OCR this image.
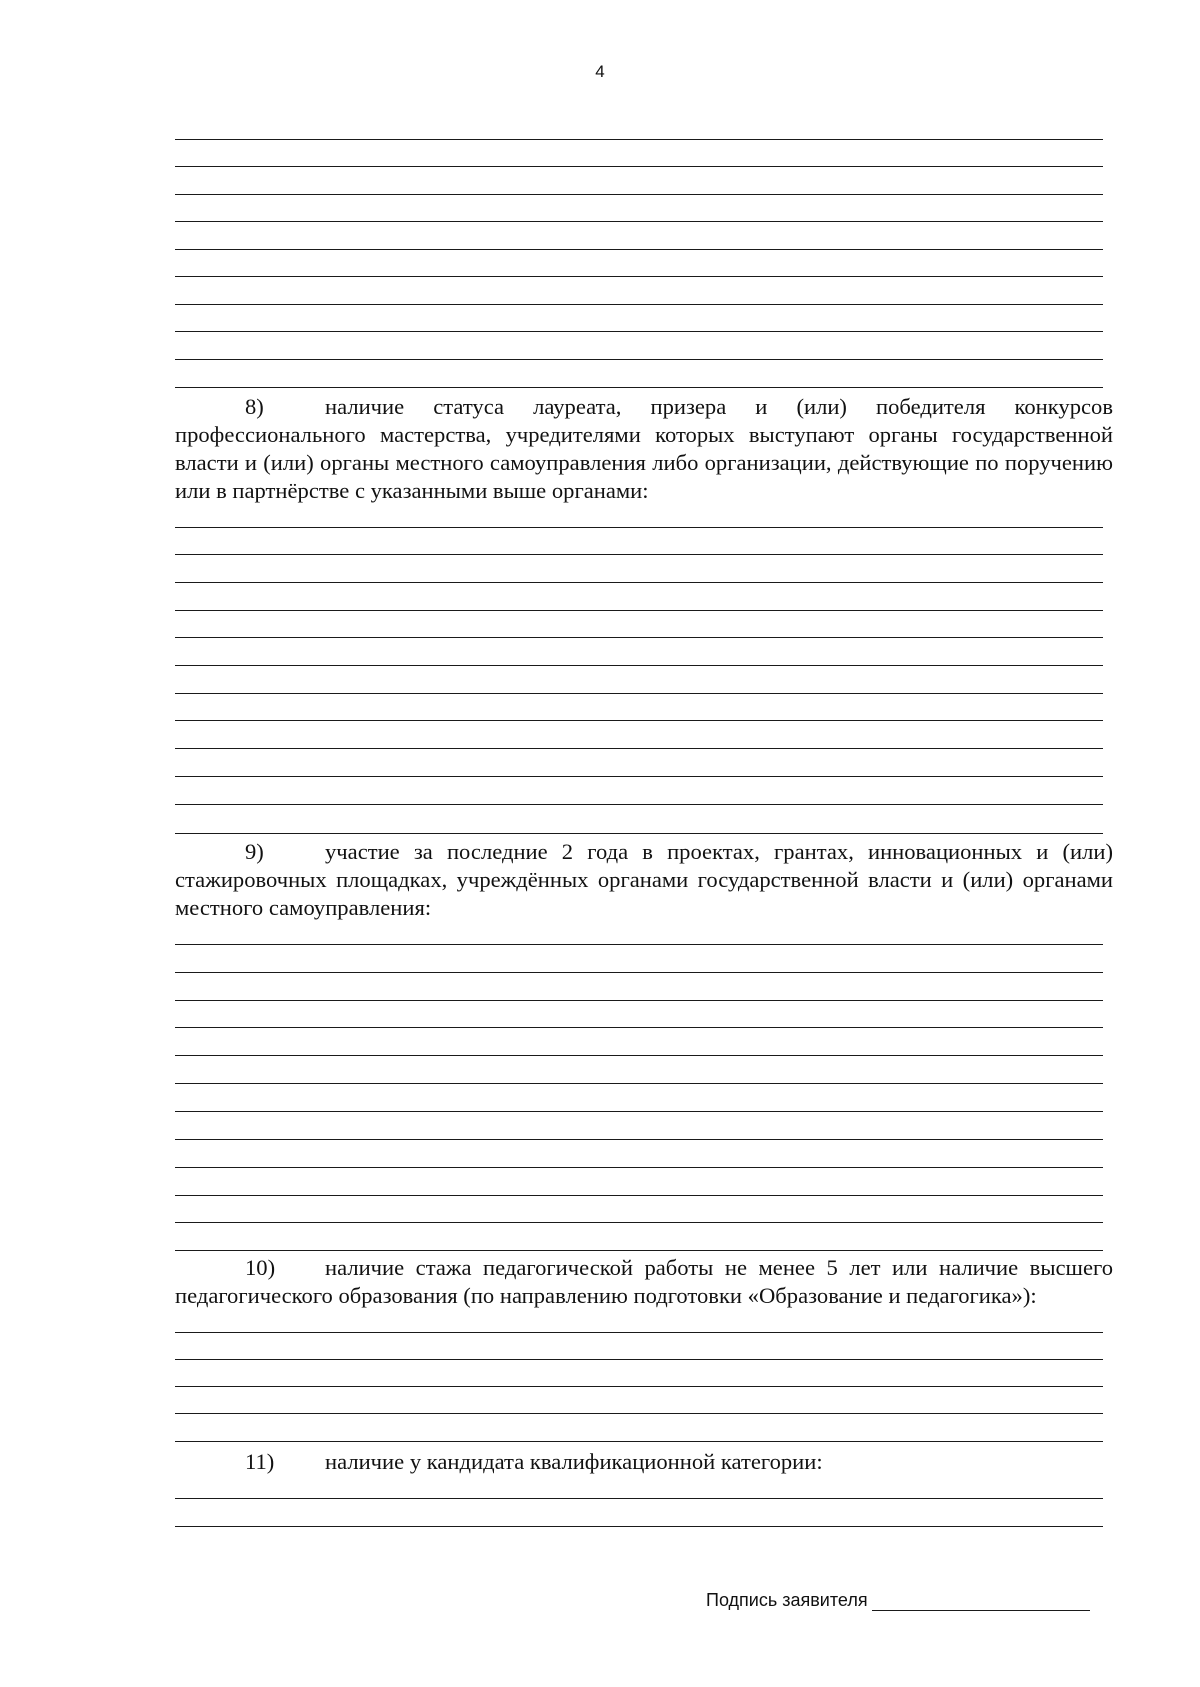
4
8)	наличие статуса лауреата, призера и (или) победителя конкурсов профессионального мастерства, учредителями которых выступают органы государственной власти и (или) органы местного самоуправления либо организации, действующие по поручению или в партнёрстве с указанными выше органами:
9)	участие за последние 2 года в проектах, грантах, инновационных и (или) стажировочных площадках, учреждённых органами государственной власти и (или) органами местного самоуправления:
10) наличие стажа педагогической работы не менее 5 лет или наличие высшего педагогического образования (по направлению подготовки «Образование и педагогика»):
11) наличие у кандидата квалификационной категории:
Подпись заявителя
